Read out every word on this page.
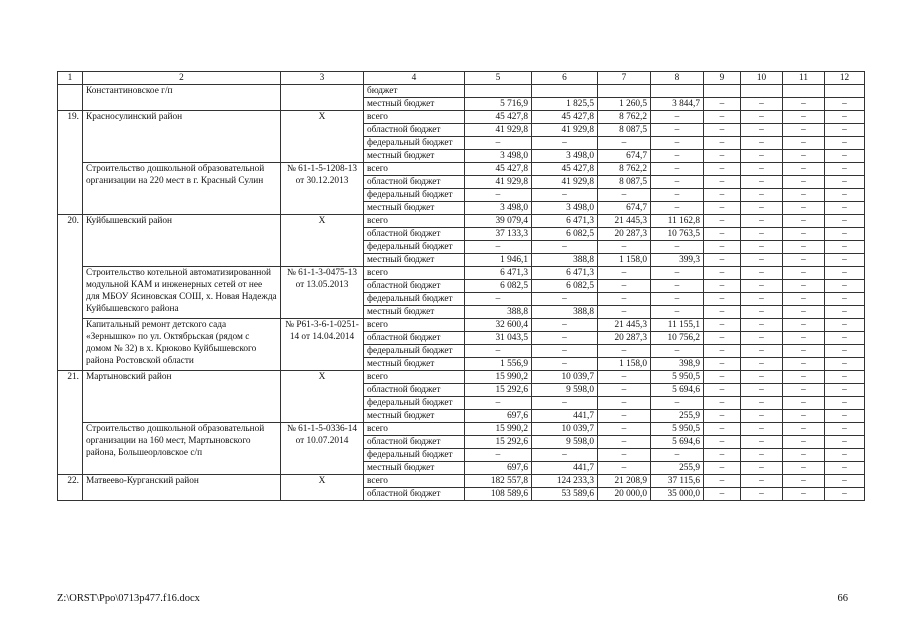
1	2	3	4	5	6	7	8	9	10	11	12
	Константиновское г/п		бюджет								
			местный бюджет	5 716,9	1 825,5	1 260,5	3 844,7	–	–	–	–
19.	Красносулинский район	Х	всего	45 427,8	45 427,8	8 762,2	–	–	–	–	–
			областной бюджет	41 929,8	41 929,8	8 087,5	–	–	–	–	–
			федеральный бюджет	–	–	–	–	–	–	–	–
			местный бюджет	3 498,0	3 498,0	674,7	–	–	–	–	–
	Строительство дошкольной образовательной организации на 220 мест в г. Красный Сулин	№ 61-1-5-1208-13 от 30.12.2013	всего	45 427,8	45 427,8	8 762,2	–	–	–	–	–
			областной бюджет	41 929,8	41 929,8	8 087,5	–	–	–	–	–
			федеральный бюджет	–	–	–	–	–	–	–	–
			местный бюджет	3 498,0	3 498,0	674,7	–	–	–	–	–
20.	Куйбышевский район	Х	всего	39 079,4	6 471,3	21 445,3	11 162,8	–	–	–	–
			областной бюджет	37 133,3	6 082,5	20 287,3	10 763,5	–	–	–	–
			федеральный бюджет	–	–	–	–	–	–	–	–
			местный бюджет	1 946,1	388,8	1 158,0	399,3	–	–	–	–
	Строительство котельной автоматизированной модульной КАМ и инженерных сетей от нее для МБОУ Ясиновская СОШ, х. Новая Надежда Куйбышевского района	№ 61-1-3-0475-13 от 13.05.2013	всего	6 471,3	6 471,3	–	–	–	–	–	–
			областной бюджет	6 082,5	6 082,5	–	–	–	–	–	–
			федеральный бюджет	–	–	–	–	–	–	–	–
			местный бюджет	388,8	388,8	–	–	–	–	–	–
	Капитальный ремонт детского сада «Зернышко» по ул. Октябрьская (рядом с домом № 32) в х. Крюково Куйбышевского района Ростовской области	№ Р61-3-6-1-0251-14 от 14.04.2014	всего	32 600,4	–	21 445,3	11 155,1	–	–	–	–
			областной бюджет	31 043,5	–	20 287,3	10 756,2	–	–	–	–
			федеральный бюджет	–	–	–	–	–	–	–	–
			местный бюджет	1 556,9	–	1 158,0	398,9	–	–	–	–
21.	Мартыновский район	Х	всего	15 990,2	10 039,7	–	5 950,5	–	–	–	–
			областной бюджет	15 292,6	9 598,0	–	5 694,6	–	–	–	–
			федеральный бюджет	–	–	–	–	–	–	–	–
			местный бюджет	697,6	441,7	–	255,9	–	–	–	–
	Строительство дошкольной образовательной организации на 160 мест, Мартыновского района, Большеорловское с/п	№ 61-1-5-0336-14 от 10.07.2014	всего	15 990,2	10 039,7	–	5 950,5	–	–	–	–
			областной бюджет	15 292,6	9 598,0	–	5 694,6	–	–	–	–
			федеральный бюджет	–	–	–	–	–	–	–	–
			местный бюджет	697,6	441,7	–	255,9	–	–	–	–
22.	Матвеево-Курганский район	Х	всего	182 557,8	124 233,3	21 208,9	37 115,6	–	–	–	–
			областной бюджет	108 589,6	53 589,6	20 000,0	35 000,0	–	–	–	–
Z:\ORST\Ppo\0713p477.f16.docx	66
